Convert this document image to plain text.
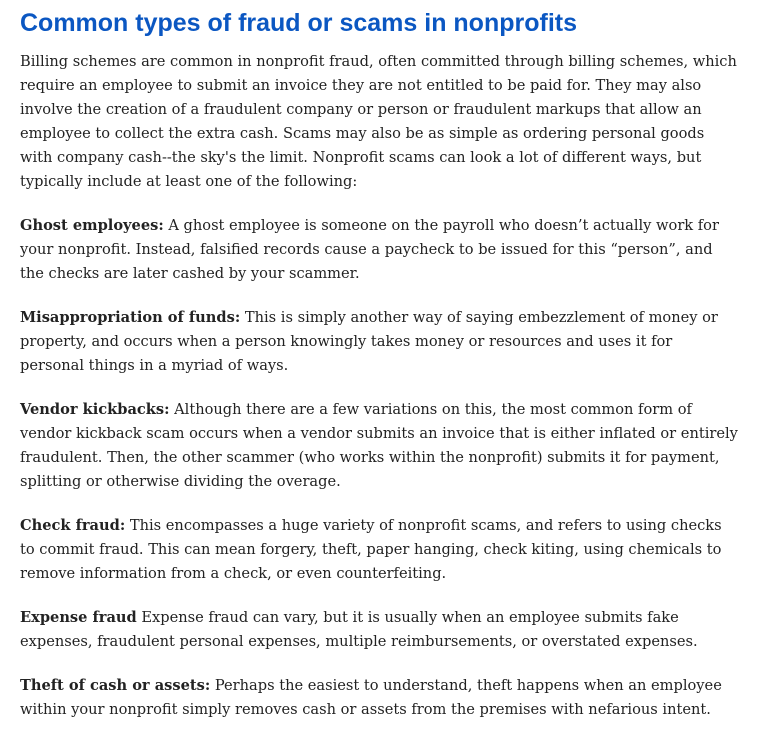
Common types of fraud or scams in nonprofits

Billing schemes are common in nonprofit fraud, often committed through billing schemes, which require an employee to submit an invoice they are not entitled to be paid for. They may also involve the creation of a fraudulent company or person or fraudulent markups that allow an employee to collect the extra cash. Scams may also be as simple as ordering personal goods with company cash--the sky's the limit. Nonprofit scams can look a lot of different ways, but typically include at least one of the following:

Ghost employees: A ghost employee is someone on the payroll who doesn’t actually work for your nonprofit. Instead, falsified records cause a paycheck to be issued for this “person”, and the checks are later cashed by your scammer.

Misappropriation of funds: This is simply another way of saying embezzlement of money or property, and occurs when a person knowingly takes money or resources and uses it for personal things in a myriad of ways.

Vendor kickbacks: Although there are a few variations on this, the most common form of vendor kickback scam occurs when a vendor submits an invoice that is either inflated or entirely fraudulent. Then, the other scammer (who works within the nonprofit) submits it for payment, splitting or otherwise dividing the overage.

Check fraud: This encompasses a huge variety of nonprofit scams, and refers to using checks to commit fraud. This can mean forgery, theft, paper hanging, check kiting, using chemicals to remove information from a check, or even counterfeiting.

Expense fraud Expense fraud can vary, but it is usually when an employee submits fake expenses, fraudulent personal expenses, multiple reimbursements, or overstated expenses.

Theft of cash or assets: Perhaps the easiest to understand, theft happens when an employee within your nonprofit simply removes cash or assets from the premises with nefarious intent.
